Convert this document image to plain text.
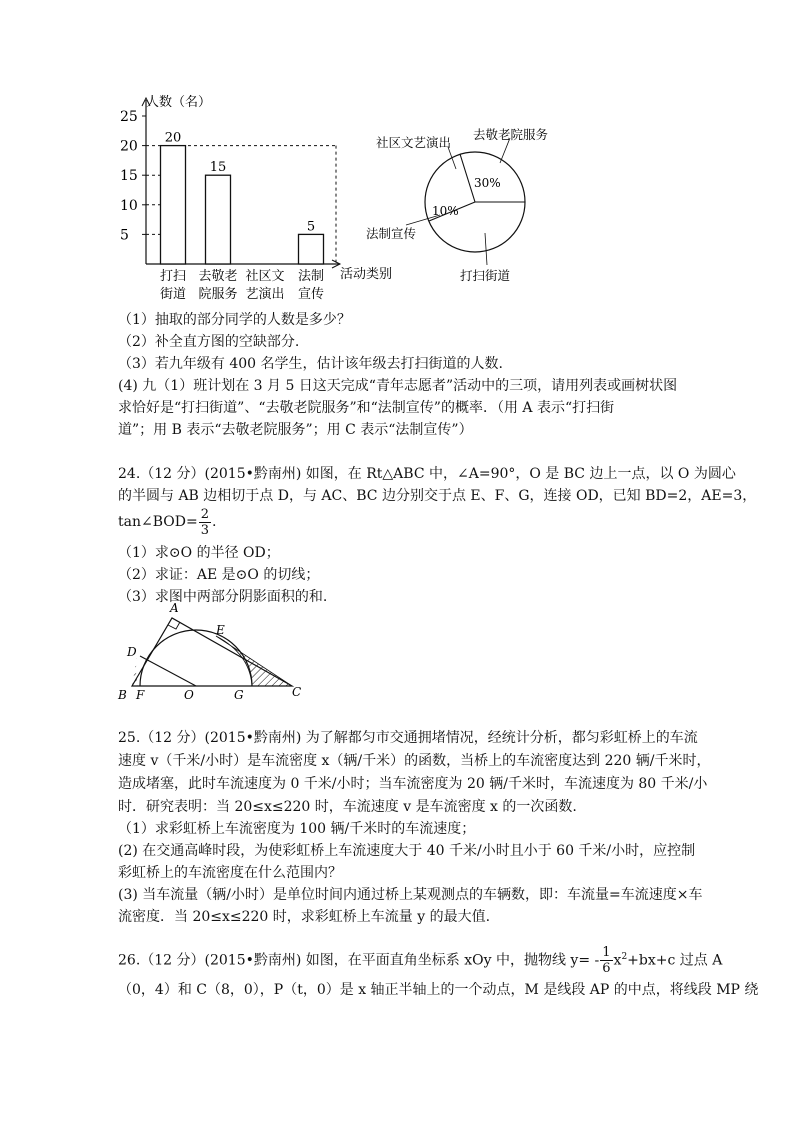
25
20
15
10
5
20
打扫
街道
15
去敬老
院服务
社区文
艺演出
5
法制
宣传
人数（名）
活动类别
社区文艺演出
去敬老院服务
30%
10%
法制宣传
打扫街道
（1）抽取的部分同学的人数是多少？
（2）补全直方图的空缺部分.
（3）若九年级有 400 名学生，估计该年级去打扫街道的人数.
(4) 九（1）班计划在 3 月 5 日这天完成“青年志愿者”活动中的三项，请用列表或画树状图
求恰好是“打扫街道”、“去敬老院服务”和“法制宣传”的概率．（用 A 表示“打扫街
道”；用 B 表示“去敬老院服务”；用 C 表示“法制宣传”）
24.（12 分）(2015•黔南州) 如图，在 Rt△ABC 中，∠A=90°，O 是 BC 边上一点，以 O 为圆心
的半圆与 AB 边相切于点 D，与 AC、BC 边分别交于点 E、F、G，连接 OD，已知 BD=2，AE=3，
tan∠BOD= $\frac{2}{3}$ .
（1）求⊙O 的半径 OD；
（2）求证：AE 是⊙O 的切线；
（3）求图中两部分阴影面积的和.
A
D
E
B F	O	G	C
25.（12 分）(2015•黔南州) 为了解都匀市交通拥堵情况，经统计分析，都匀彩虹桥上的车流
速度 v（千米/小时）是车流密度 x（辆/千米）的函数，当桥上的车流密度达到 220 辆/千米时，
造成堵塞，此时车流速度为 0 千米/小时；当车流密度为 20 辆/千米时，车流速度为 80 千米/小
时．研究表明：当 20≤x≤220 时，车流速度 v 是车流密度 x 的一次函数.
（1）求彩虹桥上车流密度为 100 辆/千米时的车流速度；
(2) 在交通高峰时段，为使彩虹桥上车流速度大于 40 千米/小时且小于 60 千米/小时，应控制
彩虹桥上的车流密度在什么范围内？
(3) 当车流量（辆/小时）是单位时间内通过桥上某观测点的车辆数，即：车流量=车流速度×车
流密度．当 20≤x≤220 时，求彩虹桥上车流量 y 的最大值.
26.（12 分）(2015•黔南州) 如图，在平面直角坐标系 xOy 中，抛物线 $y= - \frac{1}{6} x^2+bx+c$ 过点 A
（0，4）和 C（8，0），P（t，0）是 x 轴正半轴上的一个动点，M 是线段 AP 的中点，将线段 MP 绕
